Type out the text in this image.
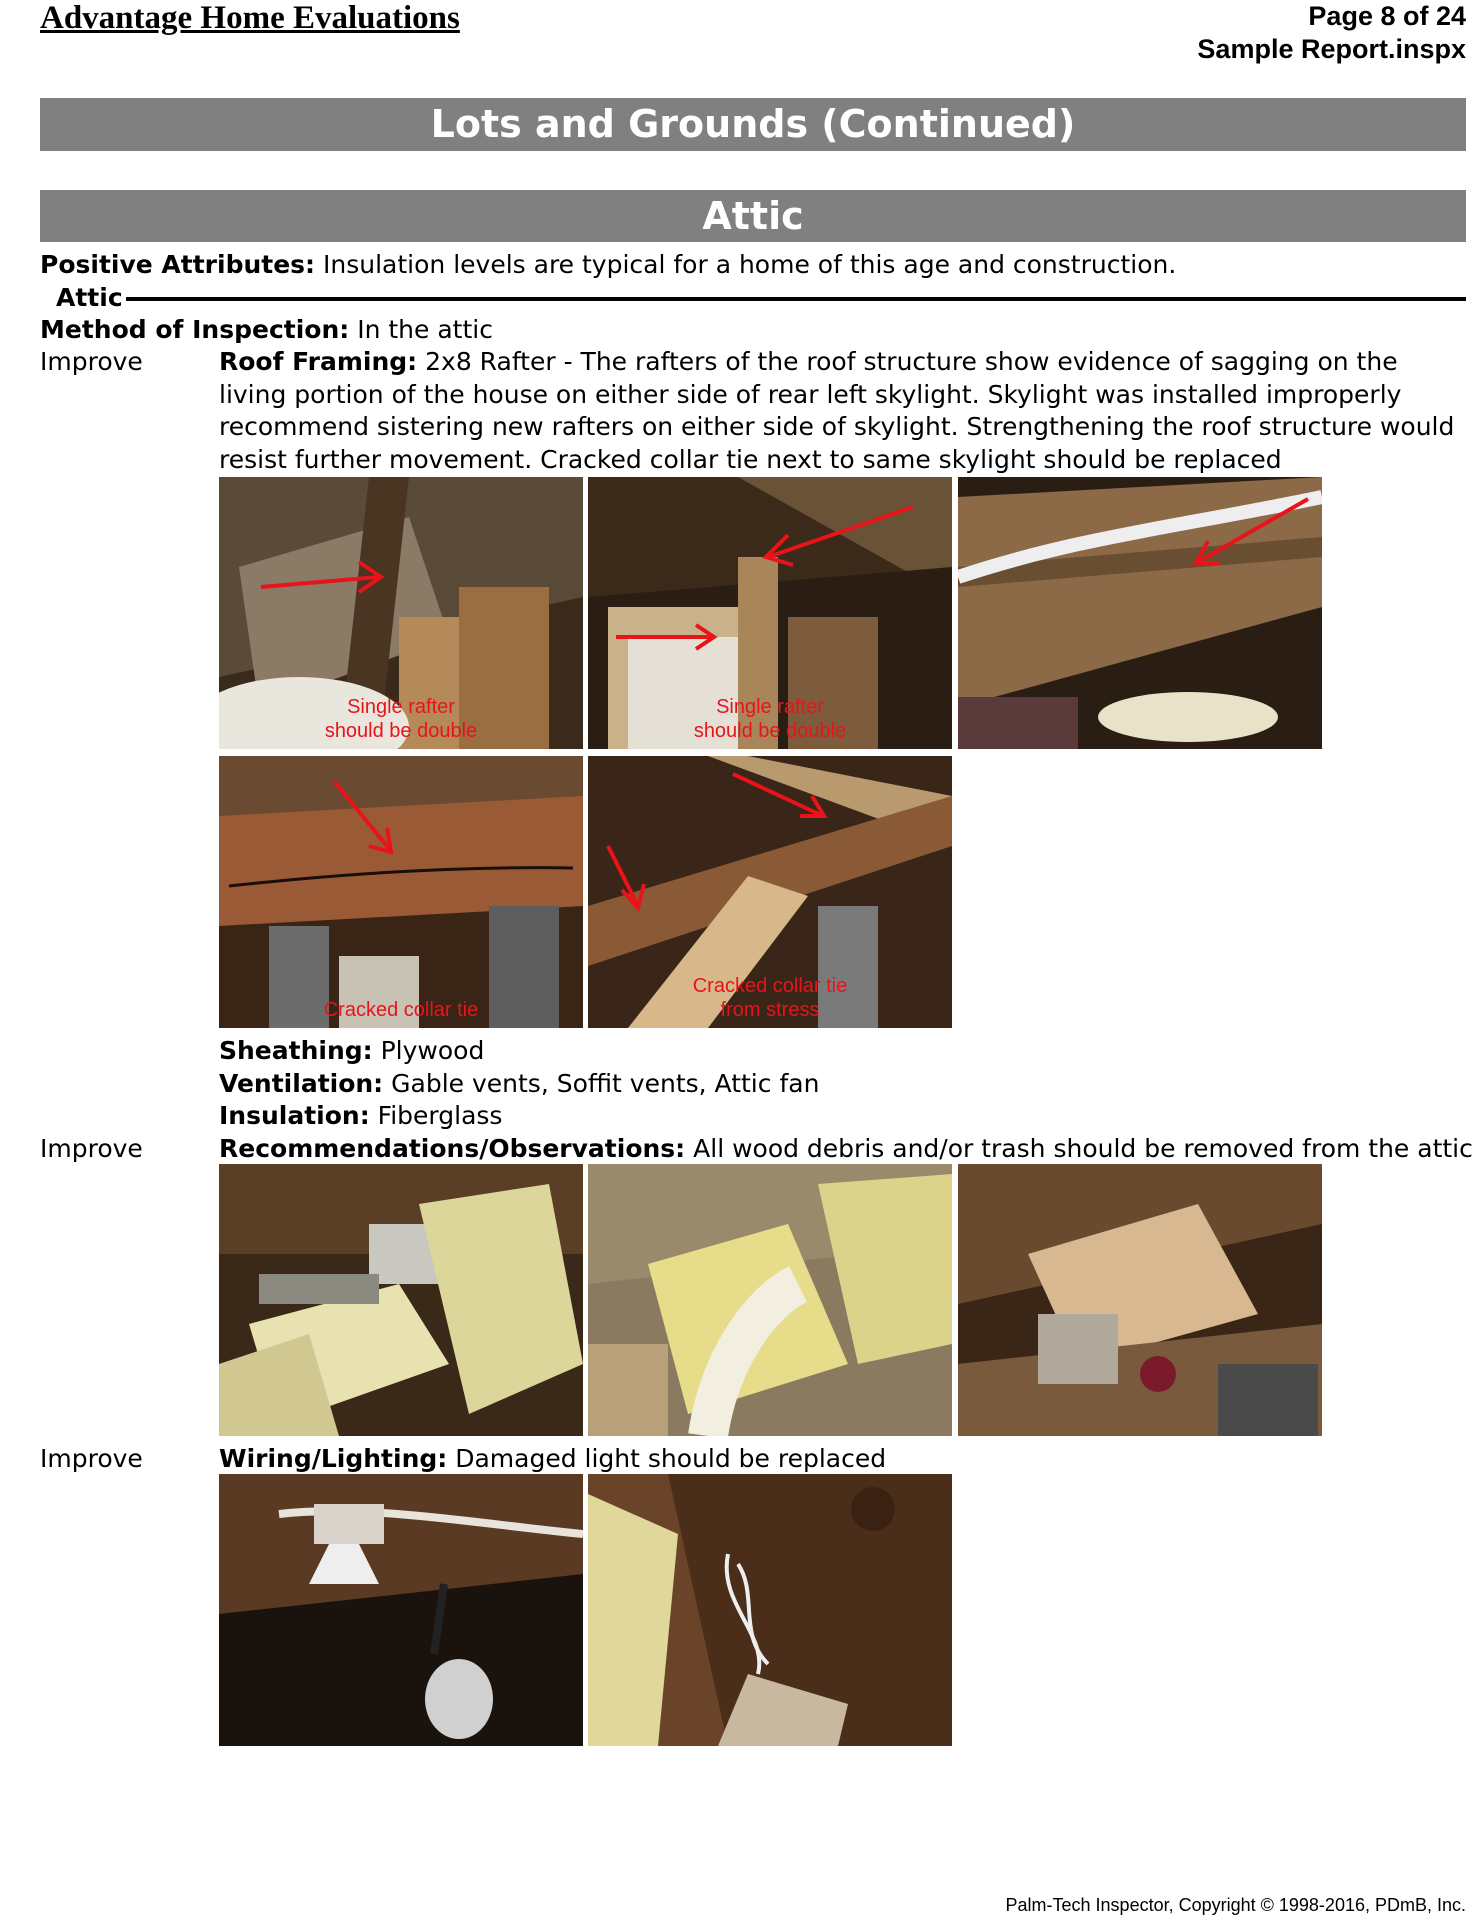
Advantage Home Evaluations	Page 8 of 24
Sample Report.inspx
Lots and Grounds (Continued)
Attic
Positive Attributes: Insulation levels are typical for a home of this age and construction.
Attic
Method of Inspection: In the attic
Improve	Roof Framing: 2x8 Rafter - The rafters of the roof structure show evidence of sagging on the living portion of the house on either side of rear left skylight. Skylight was installed improperly recommend sistering new rafters on either side of skylight. Strengthening the roof structure would resist further movement. Cracked collar tie next to same skylight should be replaced
Single rafter
should be double
Single rafter
should be double
Cracked collar tie
Cracked collar tie
from stress
Sheathing: Plywood
Ventilation: Gable vents, Soffit vents, Attic fan
Insulation: Fiberglass
Improve	Recommendations/Observations: All wood debris and/or trash should be removed from the attic
Improve	Wiring/Lighting: Damaged light should be replaced
Palm-Tech Inspector, Copyright © 1998-2016, PDmB, Inc.
